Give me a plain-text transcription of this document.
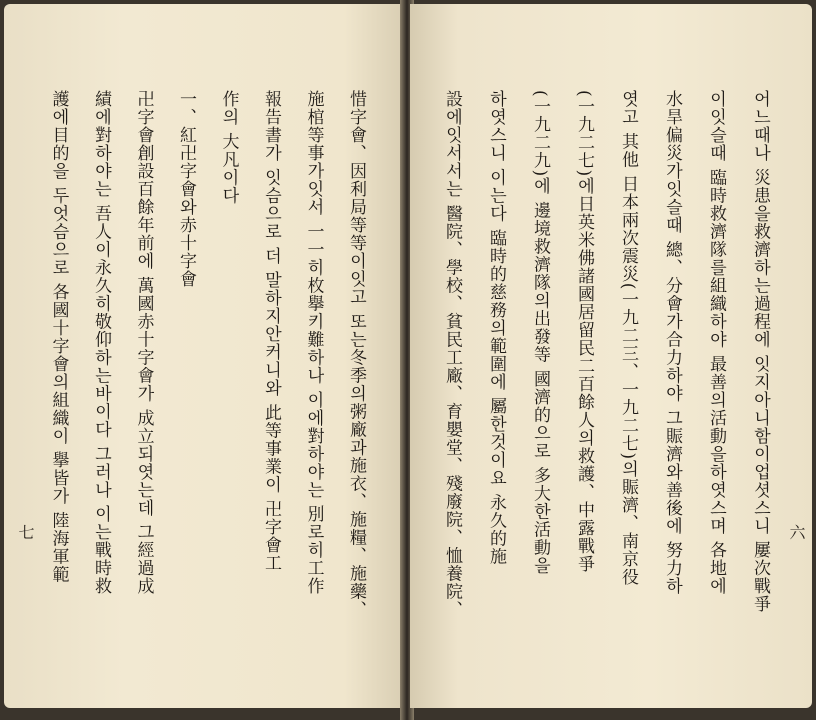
惜字會、因利局等等이잇고 또는冬季의粥廠과施衣、施糧、施藥、
施棺等事가잇서 一一히枚擧키難하나 이에對하야는 別로히工作
報告書가 잇슴으로 더 말하지안커니와 此等事業이 卍字會工
作의 大凡이다
一、紅卍字會와赤十字會
卍字會創設百餘年前에 萬國赤十字會가 成立되엿는데 그經過成
績에對하야는 吾人이永久히敬仰하는바이다 그러나 이는戰時救
護에目的을 두엇슴으로 各國十字會의組織이 擧皆가 陸海軍範
七	어느때나 災患을救濟하는過程에 잇지아니함이업셧스니 屢次戰爭
이잇슬때 臨時救濟隊를組織하야 最善의活動을하엿스며 各地에
水旱偏災가잇슬때 總、分會가合力하야 그賑濟와善後에 努力하
엿고 其他 日本兩次震災(一九二三、一九二七)의賑濟、南京役
(一九二七)에日英米佛諸國居留民二百餘人의救護、中露戰爭
(一九二九)에 邊境救濟隊의出發等 國濟的으로 多大한活動을
하엿스니 이는다 臨時的慈務의範圍에 屬한것이요 永久的施
設에잇서서는 醫院、學校、貧民工廠、育嬰堂、殘廢院、恤養院、	六
